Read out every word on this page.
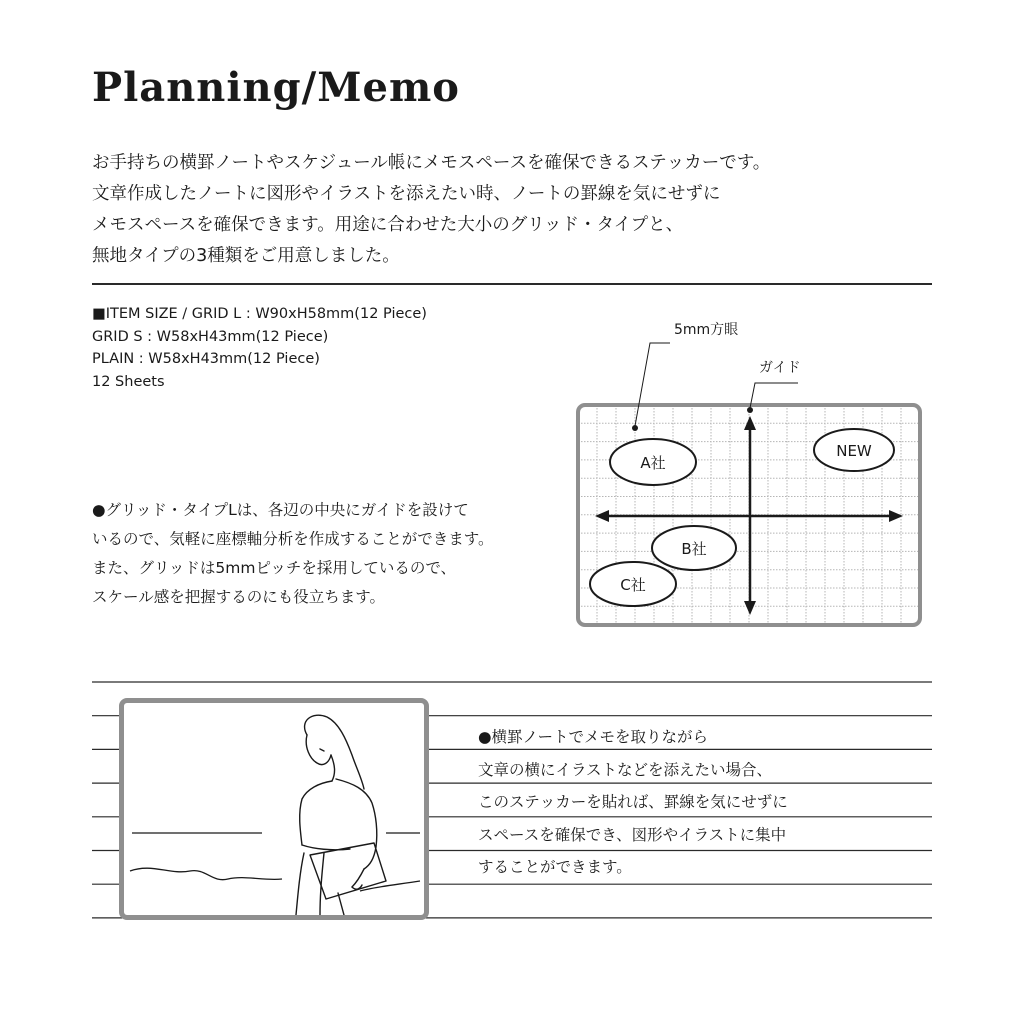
Planning/Memo
お手持ちの横罫ノートやスケジュール帳にメモスペースを確保できるステッカーです。
文章作成したノートに図形やイラストを添えたい時、ノートの罫線を気にせずに
メモスペースを確保できます。用途に合わせた大小のグリッド・タイプと、
無地タイプの3種類をご用意しました。
■ITEM SIZE / GRID L : W90xH58mm(12 Piece)
GRID S : W58xH43mm(12 Piece)
PLAIN : W58xH43mm(12 Piece)
12 Sheets
●グリッド・タイプLは、各辺の中央にガイドを設けて
いるので、気軽に座標軸分析を作成することができます。
また、グリッドは5mmピッチを採用しているので、
スケール感を把握するのにも役立ちます。
A社
NEW
B社
C社
5mm方眼
ガイド
●横罫ノートでメモを取りながら
文章の横にイラストなどを添えたい場合、
このステッカーを貼れば、罫線を気にせずに
スペースを確保でき、図形やイラストに集中
することができます。
